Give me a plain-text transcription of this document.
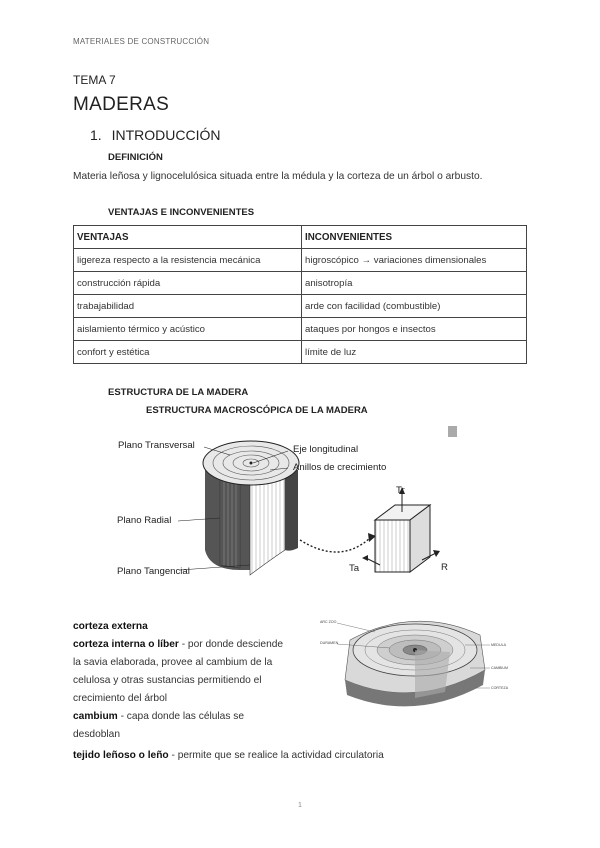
MATERIALES DE CONSTRUCCIÓN
TEMA 7
MADERAS
1. INTRODUCCIÓN
DEFINICIÓN
Materia leñosa y lignocelulósica situada entre la médula y la corteza de un árbol o arbusto.
VENTAJAS E INCONVENIENTES
VENTAJAS	INCONVENIENTES
ligereza respecto a la resistencia mecánica	higroscópico → variaciones dimensionales
construcción rápida	anisotropía
trabajabilidad	arde con facilidad (combustible)
aislamiento térmico y acústico	ataques por hongos e insectos
confort y estética	límite de luz
ESTRUCTURA DE LA MADERA
ESTRUCTURA MACROSCÓPICA DE LA MADERA
Plano Transversal	Eje longitudinal
Anillos de crecimiento
Plano Radial
Plano Tangencial
Tr
Ta	R
ARC ZOO
DURAMEN	MEDULA
CAMBIUM
CORTEZA
corteza externa
corteza interna o líber - por donde desciende la savia elaborada, provee al cambium de la celulosa y otras sustancias permitiendo el crecimiento del árbol
cambium - capa donde las células se desdoblan
tejido leñoso o leño - permite que se realice la actividad circulatoria
1
